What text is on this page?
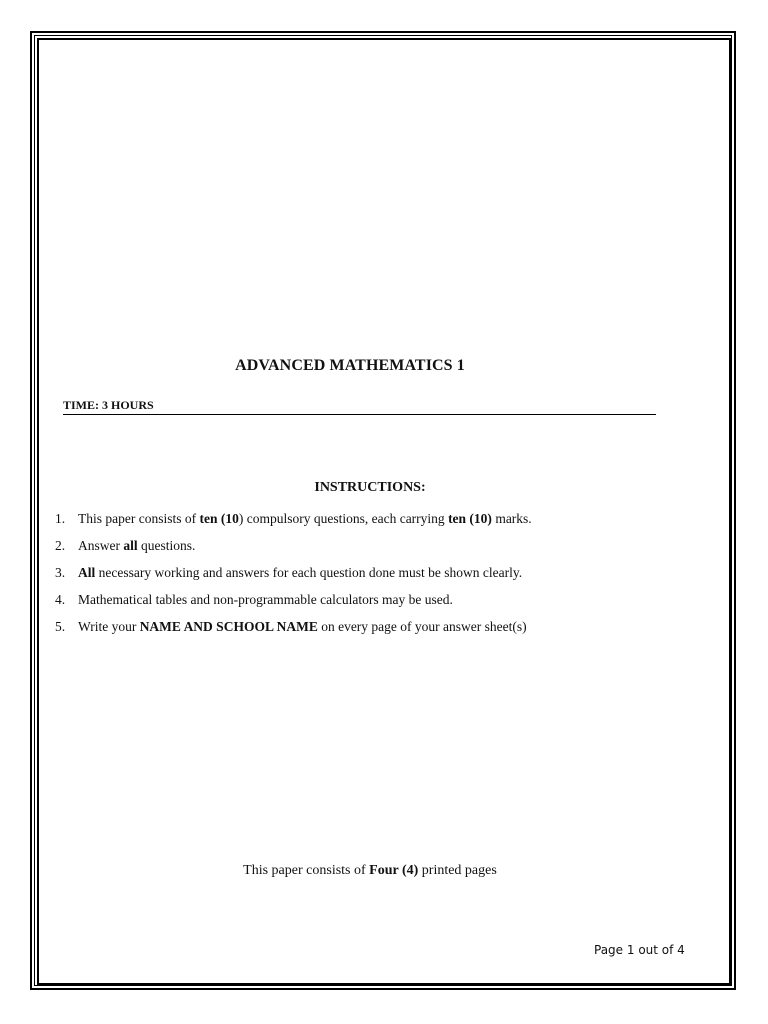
ADVANCED MATHEMATICS 1
TIME: 3 HOURS
INSTRUCTIONS:
1. This paper consists of ten (10) compulsory questions, each carrying ten (10) marks.
2. Answer all questions.
3. All necessary working and answers for each question done must be shown clearly.
4. Mathematical tables and non-programmable calculators may be used.
5. Write your NAME AND SCHOOL NAME on every page of your answer sheet(s)
This paper consists of Four (4) printed pages
Page 1 out of 4
